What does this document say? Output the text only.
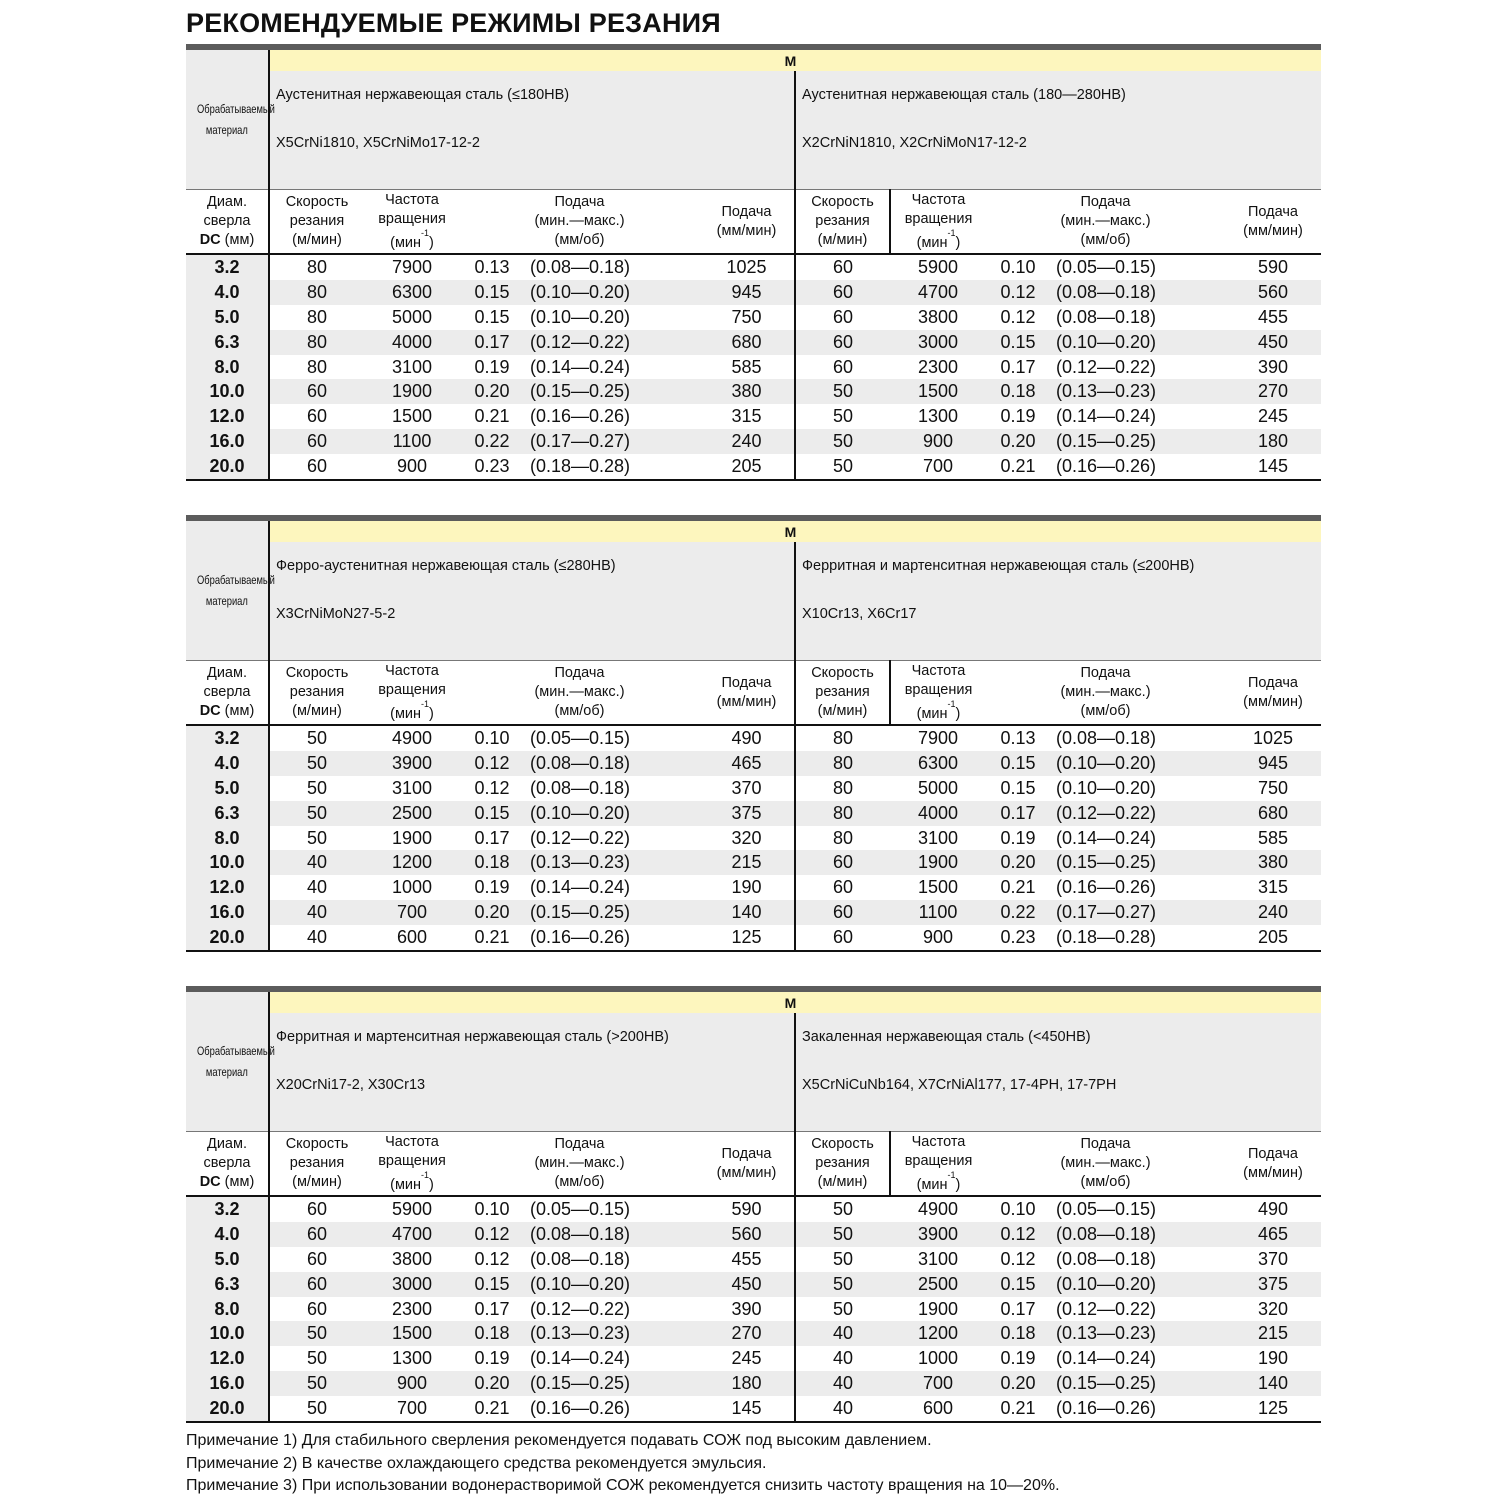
РЕКОМЕНДУЕМЫЕ РЕЖИМЫ РЕЗАНИЯ
Обрабатываемый
материал	M									

	Аустенитная нержавеющая сталь (≤180HB)
X5CrNi1810, X5CrNiMo17-12-2					Аустенитная нержавеющая сталь (180—280HB)
X2CrNiN1810, X2CrNiMoN17-12-2				

Диам.
сверла
DC (мм)	Скорость
резания
(м/мин)	Частота
вращения
(мин$^{-1}$)	Подача
(мин.—макс.)
(мм/об)		Подача
(мм/мин)	Скорость
резания
(м/мин)	Частота
вращения
(мин$^{-1}$)	Подача
(мин.—макс.)
(мм/об)		Подача
(мм/мин)
3.2	80	7900	0.13	(0.08—0.18)	1025	60	5900	0.10	(0.05—0.15)	590
4.0	80	6300	0.15	(0.10—0.20)	945	60	4700	0.12	(0.08—0.18)	560
5.0	80	5000	0.15	(0.10—0.20)	750	60	3800	0.12	(0.08—0.18)	455
6.3	80	4000	0.17	(0.12—0.22)	680	60	3000	0.15	(0.10—0.20)	450
8.0	80	3100	0.19	(0.14—0.24)	585	60	2300	0.17	(0.12—0.22)	390
10.0	60	1900	0.20	(0.15—0.25)	380	50	1500	0.18	(0.13—0.23)	270
12.0	60	1500	0.21	(0.16—0.26)	315	50	1300	0.19	(0.14—0.24)	245
16.0	60	1100	0.22	(0.17—0.27)	240	50	900	0.20	(0.15—0.25)	180
20.0	60	900	0.23	(0.18—0.28)	205	50	700	0.21	(0.16—0.26)	145
Обрабатываемый
материал	M									

	Ферро-аустенитная нержавеющая сталь (≤280HB)
X3CrNiMoN27-5-2					Ферритная и мартенситная нержавеющая сталь (≤200HB)
X10Cr13, X6Cr17				

Диам.
сверла
DC (мм)	Скорость
резания
(м/мин)	Частота
вращения
(мин$^{-1}$)	Подача
(мин.—макс.)
(мм/об)		Подача
(мм/мин)	Скорость
резания
(м/мин)	Частота
вращения
(мин$^{-1}$)	Подача
(мин.—макс.)
(мм/об)		Подача
(мм/мин)
3.2	50	4900	0.10	(0.05—0.15)	490	80	7900	0.13	(0.08—0.18)	1025
4.0	50	3900	0.12	(0.08—0.18)	465	80	6300	0.15	(0.10—0.20)	945
5.0	50	3100	0.12	(0.08—0.18)	370	80	5000	0.15	(0.10—0.20)	750
6.3	50	2500	0.15	(0.10—0.20)	375	80	4000	0.17	(0.12—0.22)	680
8.0	50	1900	0.17	(0.12—0.22)	320	80	3100	0.19	(0.14—0.24)	585
10.0	40	1200	0.18	(0.13—0.23)	215	60	1900	0.20	(0.15—0.25)	380
12.0	40	1000	0.19	(0.14—0.24)	190	60	1500	0.21	(0.16—0.26)	315
16.0	40	700	0.20	(0.15—0.25)	140	60	1100	0.22	(0.17—0.27)	240
20.0	40	600	0.21	(0.16—0.26)	125	60	900	0.23	(0.18—0.28)	205
Обрабатываемый
материал	M									

	Ферритная и мартенситная нержавеющая сталь (>200HB)
X20CrNi17-2, X30Cr13					Закаленная нержавеющая сталь (<450HB)
X5CrNiCuNb164, X7CrNiAl177, 17-4PH, 17-7PH				

Диам.
сверла
DC (мм)	Скорость
резания
(м/мин)	Частота
вращения
(мин$^{-1}$)	Подача
(мин.—макс.)
(мм/об)		Подача
(мм/мин)	Скорость
резания
(м/мин)	Частота
вращения
(мин$^{-1}$)	Подача
(мин.—макс.)
(мм/об)		Подача
(мм/мин)
3.2	60	5900	0.10	(0.05—0.15)	590	50	4900	0.10	(0.05—0.15)	490
4.0	60	4700	0.12	(0.08—0.18)	560	50	3900	0.12	(0.08—0.18)	465
5.0	60	3800	0.12	(0.08—0.18)	455	50	3100	0.12	(0.08—0.18)	370
6.3	60	3000	0.15	(0.10—0.20)	450	50	2500	0.15	(0.10—0.20)	375
8.0	60	2300	0.17	(0.12—0.22)	390	50	1900	0.17	(0.12—0.22)	320
10.0	50	1500	0.18	(0.13—0.23)	270	40	1200	0.18	(0.13—0.23)	215
12.0	50	1300	0.19	(0.14—0.24)	245	40	1000	0.19	(0.14—0.24)	190
16.0	50	900	0.20	(0.15—0.25)	180	40	700	0.20	(0.15—0.25)	140
20.0	50	700	0.21	(0.16—0.26)	145	40	600	0.21	(0.16—0.26)	125
Примечание 1) Для стабильного сверления рекомендуется подавать СОЖ под высоким давлением.
Примечание 2) В качестве охлаждающего средства рекомендуется эмульсия.
Примечание 3) При использовании водонерастворимой СОЖ рекомендуется снизить частоту вращения на 10—20%.
